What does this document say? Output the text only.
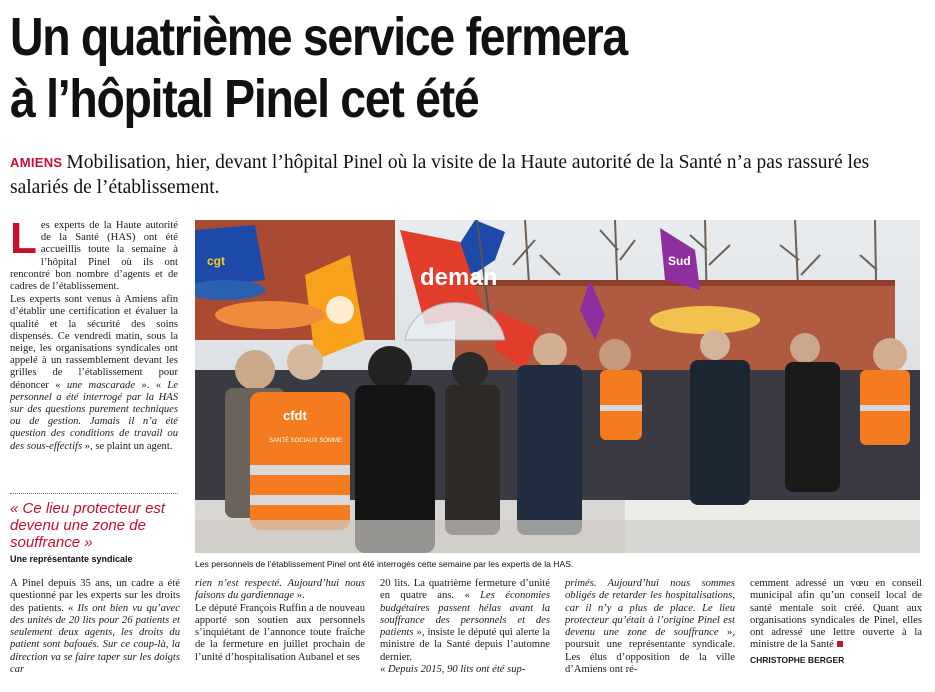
Un quatrième service fermera
à l’hôpital Pinel cet été

AMIENS Mobilisation, hier, devant l’hôpital Pinel où la visite de la Haute autorité de la Santé n’a pas rassuré les salariés de l’établissement.

Les experts de la Haute autorité de la Santé (HAS) ont été accueillis toute la semaine à l’hôpital Pinel où ils ont rencontré bon nombre d’agents et de cadres de l’établissement.

Les experts sont venus à Amiens afin d’établir une certification et évaluer la qualité et la sécurité des soins dispensés. Ce vendredi matin, sous la neige, les organisations syndicales ont appelé à un rassemblement devant les grilles de l’établissement pour dénoncer « une mascarade ». « Le personnel a été interrogé par la HAS sur des questions purement techniques ou de gestion. Jamais il n’a été question des conditions de travail ou des sous-effectifs », se plaint un agent.

« Ce lieu protecteur est devenu une zone de souffrance »

Une représentante syndicale
deman
Sud
cgt
cfdt
SANTÉ SOCIAUX SOMME
Les personnels de l’établissement Pinel ont été interrogés cette semaine par les experts de la HAS.

À Pinel depuis 35 ans, un cadre a été questionné par les experts sur les droits des patients. « Ils ont bien vu qu’avec des unités de 20 lits pour 26 patients et seulement deux agents, les droits du patient sont bafoués. Sur ce coup-là, la direction va se faire taper sur les doigts car

rien n’est respecté. Aujourd’hui nous faisons du gardiennage ».

Le député François Ruffin a de nouveau apporté son soutien aux personnels s’inquiétant de l’annonce toute fraîche de la fermeture en juillet prochain de l’unité d’hospitalisation Aubanel et ses

20 lits. La quatrième fermeture d’unité en quatre ans. « Les économies budgétaires passent hélas avant la souffrance des personnels et des patients », insiste le député qui alerte la ministre de la Santé depuis l’automne dernier.

« Depuis 2015, 90 lits ont été sup-

primés. Aujourd’hui nous sommes obligés de retarder les hospitalisations, car il n’y a plus de place. Le lieu protecteur qu’était à l’origine Pinel est devenu une zone de souffrance », poursuit une représentante syndicale. Les élus d’opposition de la ville d’Amiens ont ré-

cemment adressé un vœu en conseil municipal afin qu’un conseil local de santé mentale soit créé. Quant aux organisations syndicales de Pinel, elles ont adressé une lettre ouverte à la ministre de la Santé

CHRISTOPHE BERGER
